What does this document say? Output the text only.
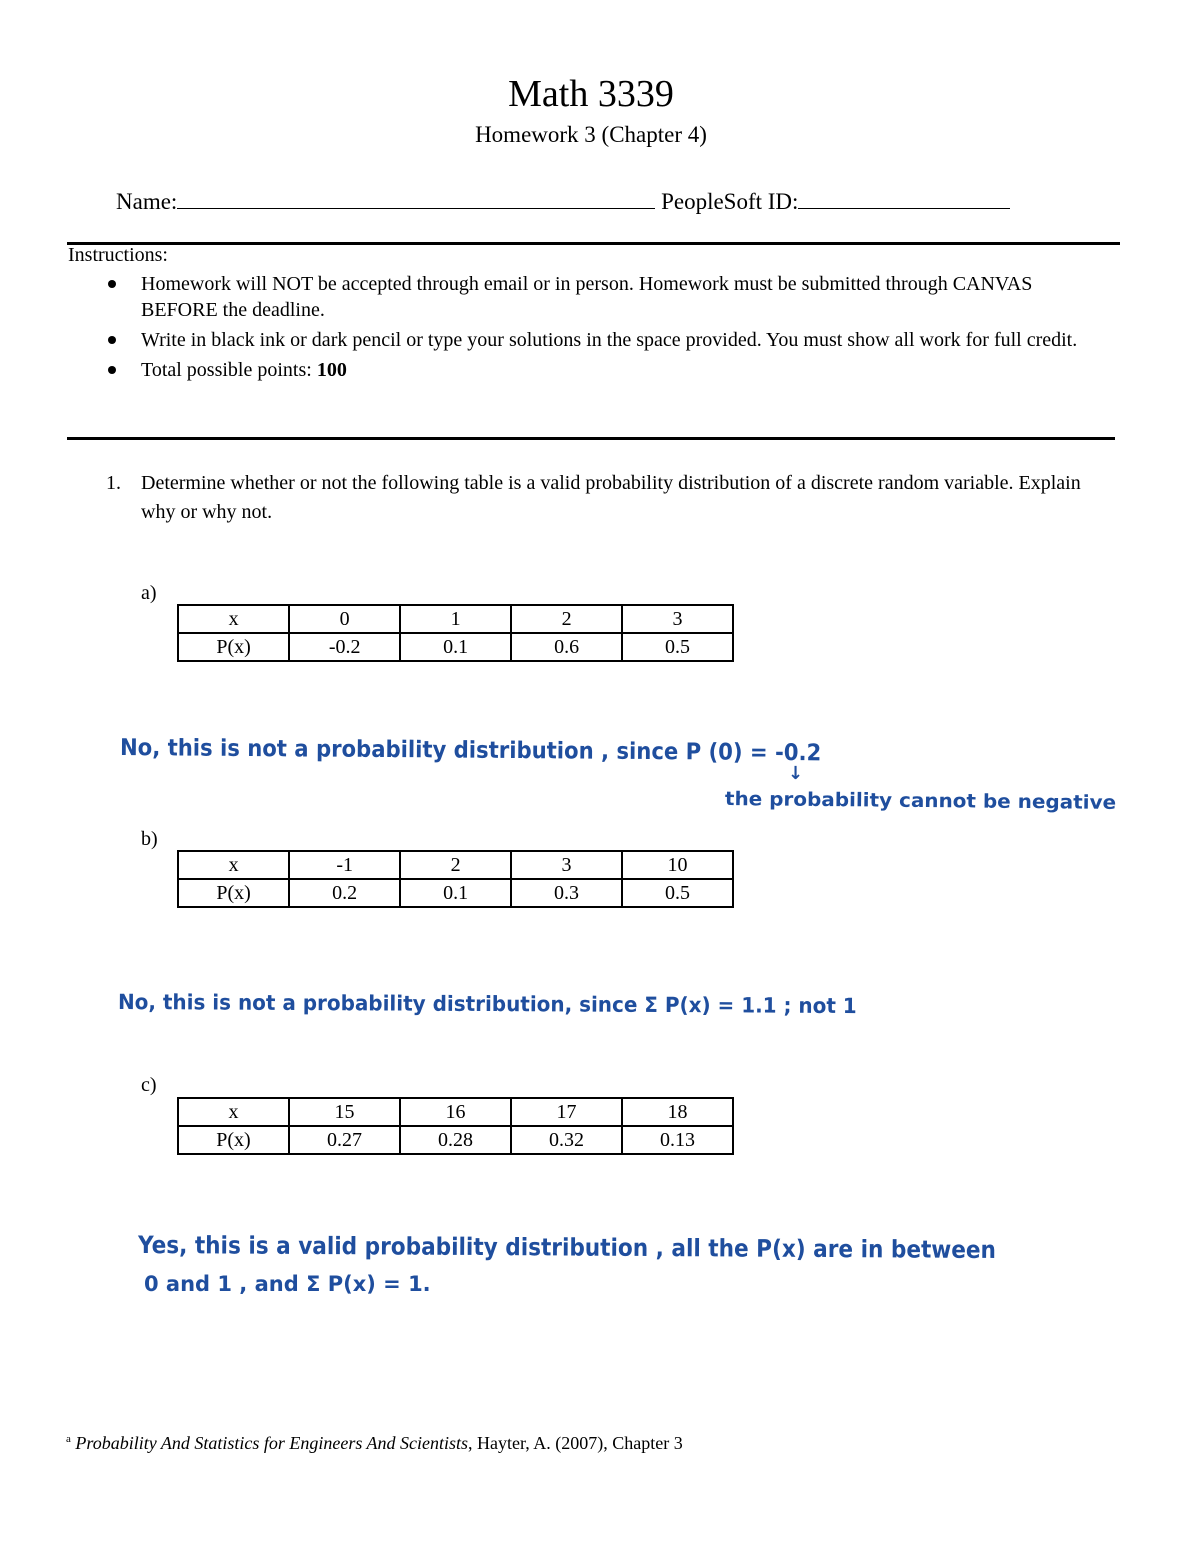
Math 3339
Homework 3 (Chapter 4)
Name:	PeopleSoft ID:
Instructions:
Homework will NOT be accepted through email or in person. Homework must be submitted through CANVAS BEFORE the deadline.
Write in black ink or dark pencil or type your solutions in the space provided. You must show all work for full credit.
Total possible points: 100
1. Determine whether or not the following table is a valid probability distribution of a discrete random variable. Explain why or why not.
a)
x	0	1	2	3
P(x)	-0.2	0.1	0.6	0.5
No, this is not a probability distribution , since P (0) = -0.2
↓
the probability cannot be negative
b)
x	-1	2	3	10
P(x)	0.2	0.1	0.3	0.5
No, this is not a probability distribution, since Σ P(x) = 1.1 ; not 1
c)
x	15	16	17	18
P(x)	0.27	0.28	0.32	0.13
Yes, this is a valid probability distribution , all the P(x) are in between
0 and 1 , and Σ P(x) = 1.
$^a$ Probability And Statistics for Engineers And Scientists, Hayter, A. (2007), Chapter 3
